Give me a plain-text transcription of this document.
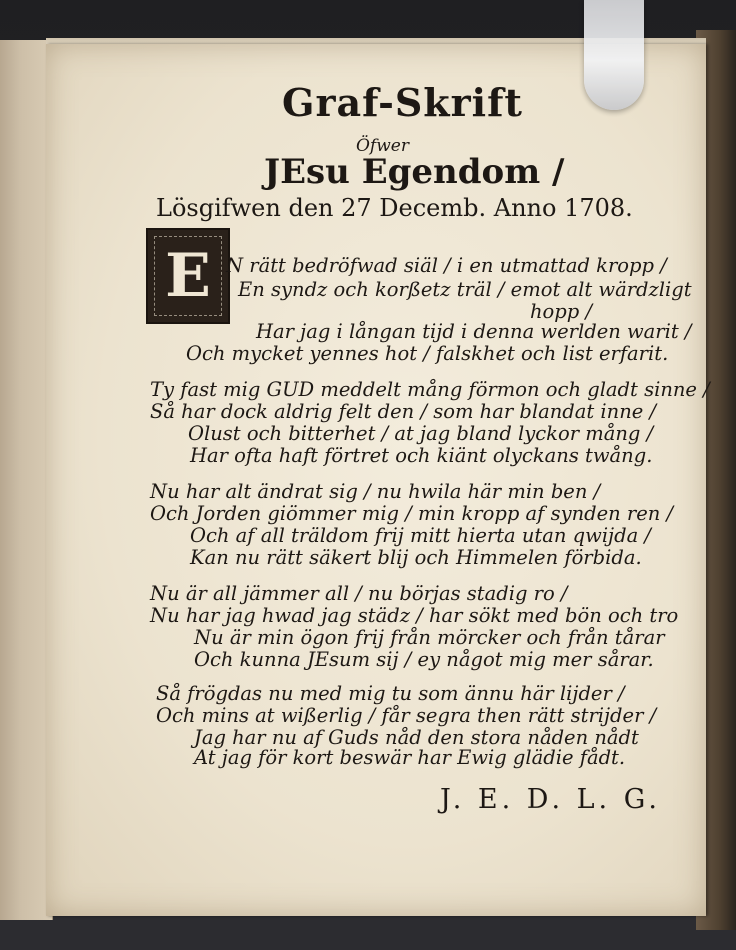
Graf-Skrift
Öfwer
JEsu Egendom /
Lösgifwen den 27 Decemb. Anno 1708.
E N rätt bedröfwad siäl / i en utmattad kropp /
En syndz och korßetz träl / emot alt wärdzligt
hopp /
Har jag i långan tijd i denna werlden warit /
Och mycket yennes hot / falskhet och list erfarit.
Ty fast mig GUD meddelt mång förmon och gladt sinne /
Så har dock aldrig felt den / som har blandat inne /
Olust och bitterhet / at jag bland lyckor mång /
Har ofta haft förtret och kiänt olyckans twång.
Nu har alt ändrat sig / nu hwila här min ben /
Och Jorden giömmer mig / min kropp af synden ren /
Och af all träldom frij mitt hierta utan qwijda /
Kan nu rätt säkert blij och Himmelen förbida.
Nu är all jämmer all / nu börjas stadig ro /
Nu har jag hwad jag städz / har sökt med bön och tro
Nu är min ögon frij från mörcker och från tårar
Och kunna JEsum sij / ey något mig mer sårar.
Så frögdas nu med mig tu som ännu här lijder /
Och mins at wißerlig / får segra then rätt strijder /
Jag har nu af Guds nåd den stora nåden nådt
At jag för kort beswär har Ewig glädie fådt.
J. E. D. L. G.
